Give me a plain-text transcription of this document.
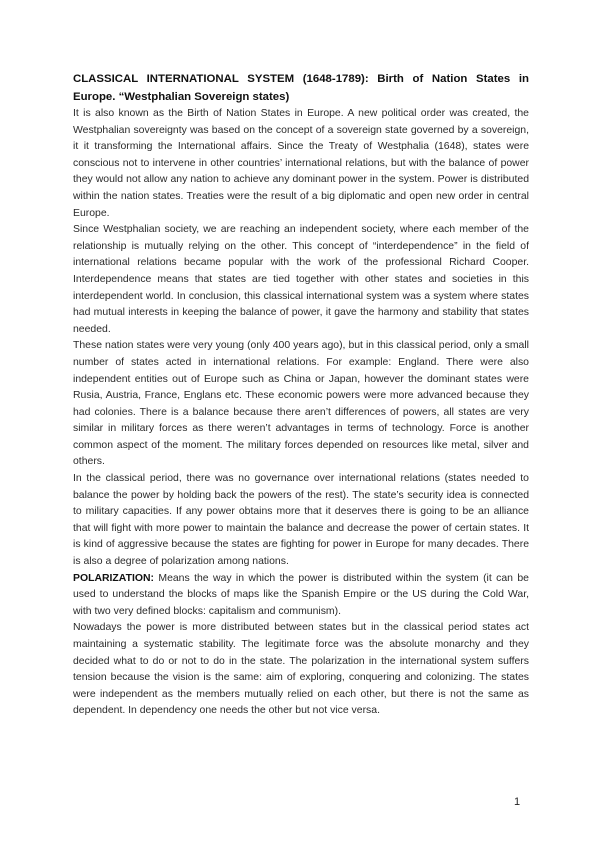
CLASSICAL INTERNATIONAL SYSTEM (1648-1789): Birth of Nation States in Europe. “Westphalian Sovereign states)

It is also known as the Birth of Nation States in Europe. A new political order was created, the Westphalian sovereignty was based on the concept of a sovereign state governed by a sovereign, it it transforming the International affairs. Since the Treaty of Westphalia (1648), states were conscious not to intervene in other countries’ international relations, but with the balance of power they would not allow any nation to achieve any dominant power in the system. Power is distributed within the nation states. Treaties were the result of a big diplomatic and open new order in central Europe.

Since Westphalian society, we are reaching an independent society, where each member of the relationship is mutually relying on the other. This concept of “interdependence” in the field of international relations became popular with the work of the professional Richard Cooper. Interdependence means that states are tied together with other states and societies in this interdependent world. In conclusion, this classical international system was a system where states had mutual interests in keeping the balance of power, it gave the harmony and stability that states needed.

These nation states were very young (only 400 years ago), but in this classical period, only a small number of states acted in international relations. For example: England. There were also independent entities out of Europe such as China or Japan, however the dominant states were Rusia, Austria, France, Englans etc. These economic powers were more advanced because they had colonies. There is a balance because there aren’t differences of powers, all states are very similar in military forces as there weren’t advantages in terms of technology. Force is another common aspect of the moment. The military forces depended on resources like metal, silver and others.

In the classical period, there was no governance over international relations (states needed to balance the power by holding back the powers of the rest). The state’s security idea is connected to military capacities. If any power obtains more that it deserves there is going to be an alliance that will fight with more power to maintain the balance and decrease the power of certain states. It is kind of aggressive because the states are fighting for power in Europe for many decades. There is also a degree of polarization among nations.

POLARIZATION: Means the way in which the power is distributed within the system (it can be used to understand the blocks of maps like the Spanish Empire or the US during the Cold War, with two very defined blocks: capitalism and communism).

Nowadays the power is more distributed between states but in the classical period states act maintaining a systematic stability. The legitimate force was the absolute monarchy and they decided what to do or not to do in the state. The polarization in the international system suffers tension because the vision is the same: aim of exploring, conquering and colonizing. The states were independent as the members mutually relied on each other, but there is not the same as dependent. In dependency one needs the other but not vice versa.

1
